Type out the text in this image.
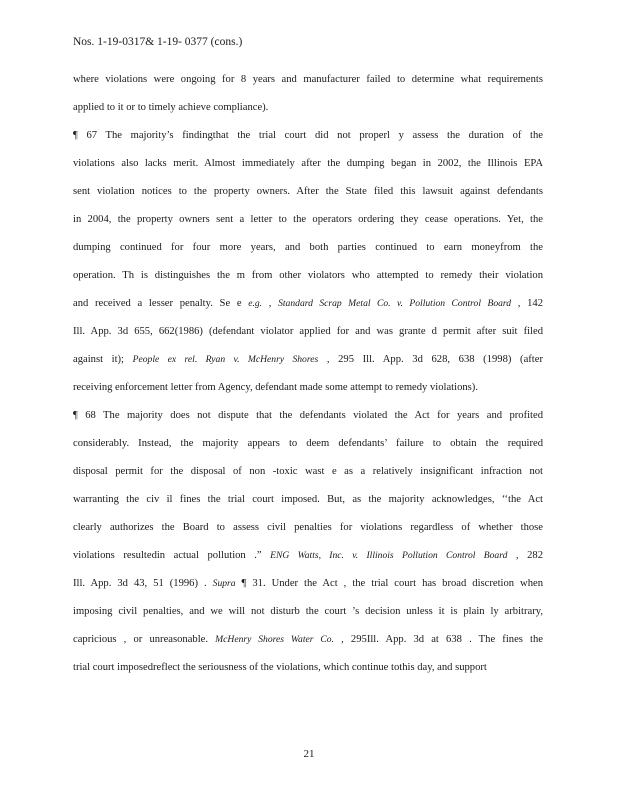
Nos. 1-19-0317& 1-19- 0377 (cons.)
where violations were ongoing for 8 years and manufacturer failed to determine what requirements
applied to it or to timely achieve compliance).
¶ 67 The majority’s findingthat the trial court did not properl y assess the duration of the
violations also lacks merit. Almost immediately after the dumping began in 2002, the Illinois EPA
sent violation notices to the property owners. After the State filed this lawsuit against defendants
in 2004, the property owners sent a letter to the operators ordering they cease operations. Yet, the
dumping continued for four more years, and both parties continued to earn moneyfrom the
operation. Th is distinguishes the m from other violators who attempted to remedy their violation
and received a lesser penalty. Se e e.g. , Standard Scrap Metal Co. v. Pollution Control Board , 142
Ill. App. 3d 655, 662(1986) (defendant violator applied for and was grante d permit after suit filed
against it); People ex rel. Ryan v. McHenry Shores , 295 Ill. App. 3d 628, 638 (1998) (after
receiving enforcement letter from Agency, defendant made some attempt to remedy violations).
¶ 68 The majority does not dispute that the defendants violated the Act for years and profited
considerably. Instead, the majority appears to deem defendants’ failure to obtain the required
disposal permit for the disposal of non -toxic wast e as a relatively insignificant infraction not
warranting the civ il fines the trial court imposed. But, as the majority acknowledges, ‘‘the Act
clearly authorizes the Board to assess civil penalties for violations regardless of whether those
violations resultedin actual pollution .” ENG Watts, Inc. v. Illinois Pollution Control Board , 282
Ill. App. 3d 43, 51 (1996) . Supra ¶ 31. Under the Act , the trial court has broad discretion when
imposing civil penalties, and we will not disturb the court ’s decision unless it is plain ly arbitrary,
capricious , or unreasonable. McHenry Shores Water Co. , 295Ill. App. 3d at 638 . The fines the
trial court imposedreflect the seriousness of the violations, which continue tothis day, and support
21
